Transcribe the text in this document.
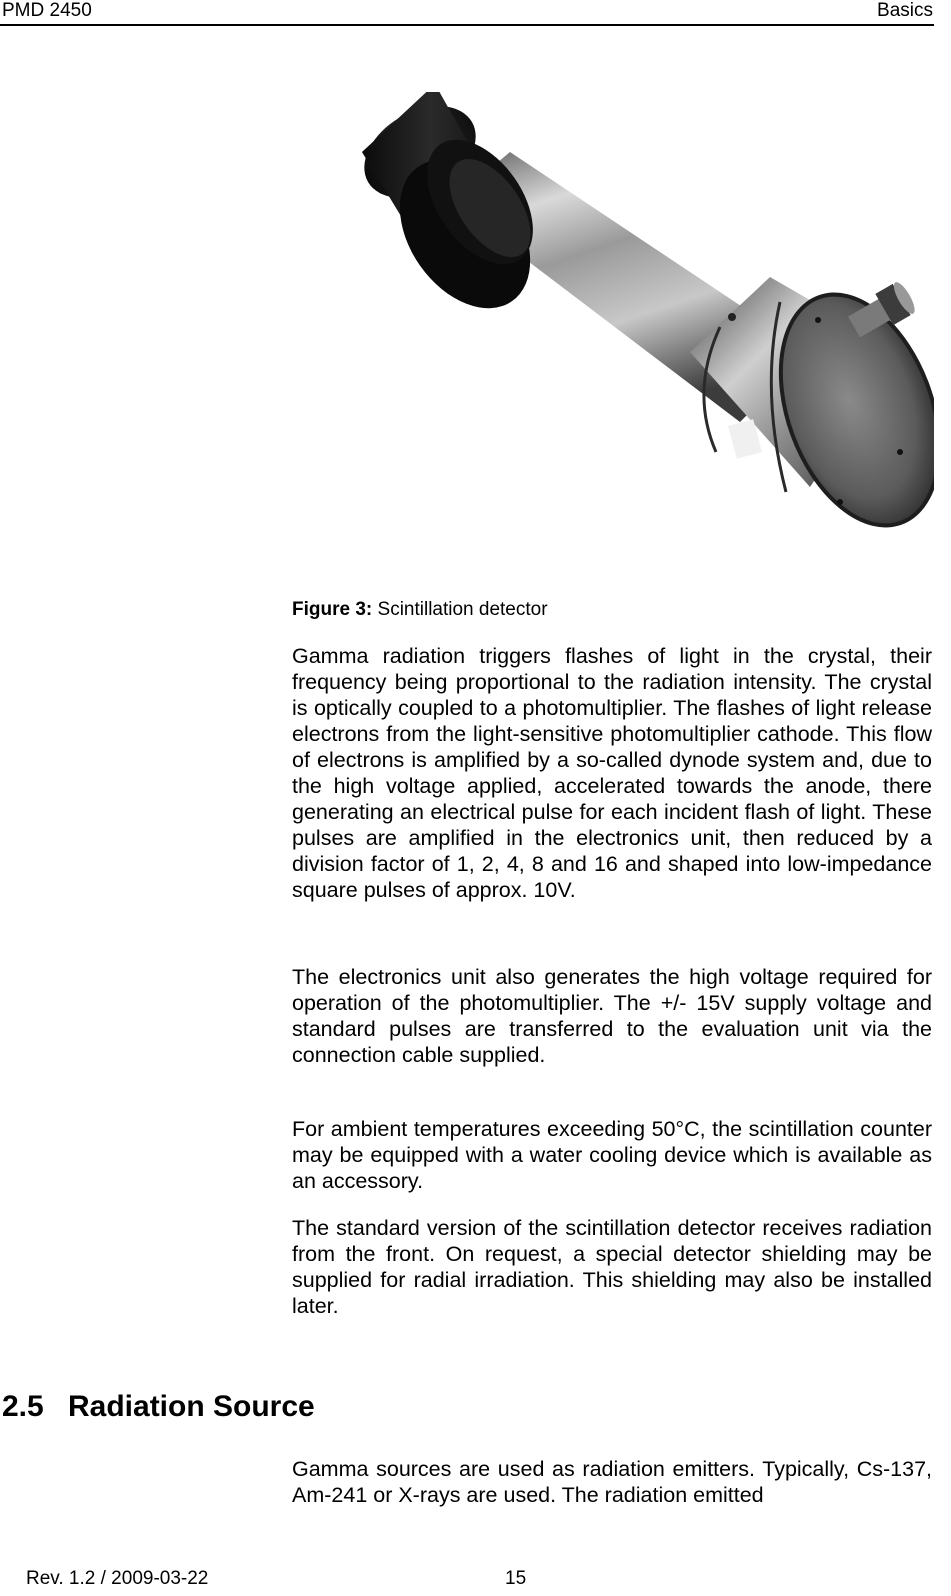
PMD 2450	Basics
Figure 3: Scintillation detector

Gamma radiation triggers flashes of light in the crystal, their frequency being proportional to the radiation intensity. The crystal is optically coupled to a photomultiplier. The flashes of light release electrons from the light-sensitive photomultiplier cathode. This flow of electrons is amplified by a so-called dynode system and, due to the high voltage applied, accelerated towards the anode, there generating an electrical pulse for each incident flash of light. These pulses are amplified in the electronics unit, then reduced by a division factor of 1, 2, 4, 8 and 16 and shaped into low-impedance square pulses of approx. 10V.

The electronics unit also generates the high voltage required for operation of the photomultiplier. The +/- 15V supply voltage and standard pulses are transferred to the evaluation unit via the connection cable supplied.

For ambient temperatures exceeding 50°C, the scintillation counter may be equipped with a water cooling device which is available as an accessory.

The standard version of the scintillation detector receives radiation from the front. On request, a special detector shielding may be supplied for radial irradiation. This shielding may also be installed later.

2.5 Radiation Source

Gamma sources are used as radiation emitters. Typically, Cs-137, Am-241 or X-rays are used. The radiation emitted

Rev. 1.2 / 2009-03-22	15
